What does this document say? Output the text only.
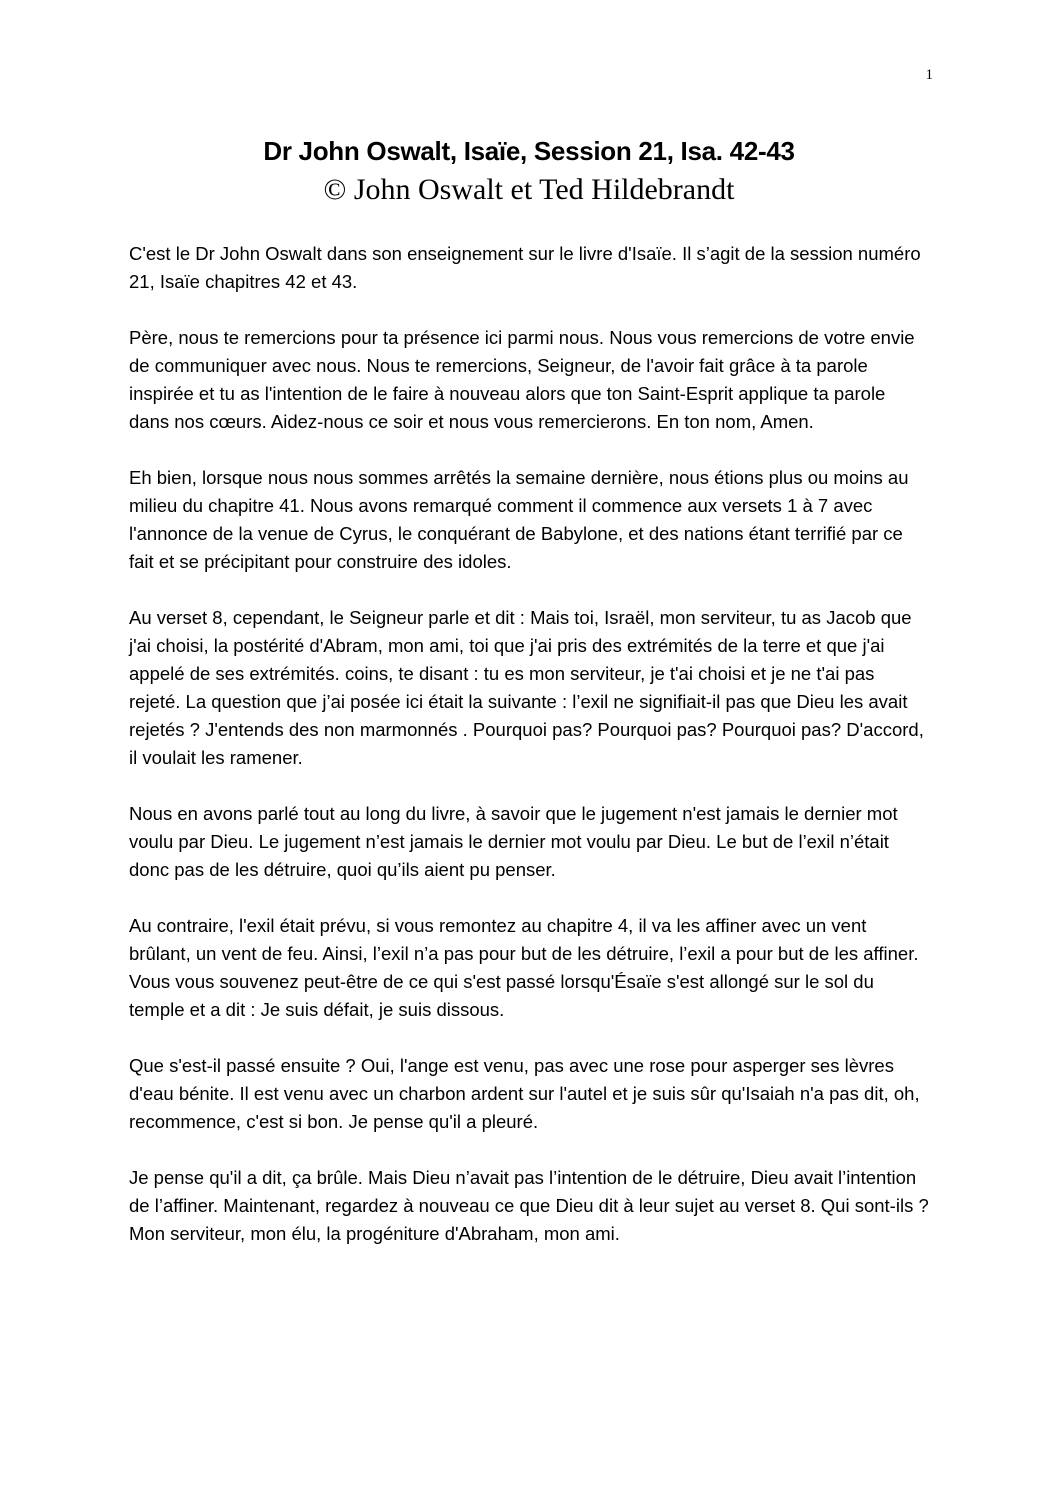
1
Dr John Oswalt, Isaïe, Session 21, Isa. 42-43
© John Oswalt et Ted Hildebrandt

C'est le Dr John Oswalt dans son enseignement sur le livre d'Isaïe. Il s’agit de la session numéro 21, Isaïe chapitres 42 et 43.

Père, nous te remercions pour ta présence ici parmi nous. Nous vous remercions de votre envie de communiquer avec nous. Nous te remercions, Seigneur, de l'avoir fait grâce à ta parole inspirée et tu as l'intention de le faire à nouveau alors que ton Saint-Esprit applique ta parole dans nos cœurs. Aidez-nous ce soir et nous vous remercierons. En ton nom, Amen.

Eh bien, lorsque nous nous sommes arrêtés la semaine dernière, nous étions plus ou moins au milieu du chapitre 41. Nous avons remarqué comment il commence aux versets 1 à 7 avec l'annonce de la venue de Cyrus, le conquérant de Babylone, et des nations étant terrifié par ce fait et se précipitant pour construire des idoles.

Au verset 8, cependant, le Seigneur parle et dit : Mais toi, Israël, mon serviteur, tu as Jacob que j'ai choisi, la postérité d'Abram, mon ami, toi que j'ai pris des extrémités de la terre et que j'ai appelé de ses extrémités. coins, te disant : tu es mon serviteur, je t'ai choisi et je ne t'ai pas rejeté. La question que j’ai posée ici était la suivante : l’exil ne signifiait-il pas que Dieu les avait rejetés ? J'entends des non marmonnés . Pourquoi pas? Pourquoi pas? Pourquoi pas? D'accord, il voulait les ramener.

Nous en avons parlé tout au long du livre, à savoir que le jugement n'est jamais le dernier mot voulu par Dieu. Le jugement n’est jamais le dernier mot voulu par Dieu. Le but de l’exil n’était donc pas de les détruire, quoi qu’ils aient pu penser.

Au contraire, l'exil était prévu, si vous remontez au chapitre 4, il va les affiner avec un vent brûlant, un vent de feu. Ainsi, l’exil n’a pas pour but de les détruire, l’exil a pour but de les affiner. Vous vous souvenez peut-être de ce qui s'est passé lorsqu'Ésaïe s'est allongé sur le sol du temple et a dit : Je suis défait, je suis dissous.

Que s'est-il passé ensuite ? Oui, l'ange est venu, pas avec une rose pour asperger ses lèvres d'eau bénite. Il est venu avec un charbon ardent sur l'autel et je suis sûr qu'Isaiah n'a pas dit, oh, recommence, c'est si bon. Je pense qu'il a pleuré.

Je pense qu'il a dit, ça brûle. Mais Dieu n’avait pas l’intention de le détruire, Dieu avait l’intention de l’affiner. Maintenant, regardez à nouveau ce que Dieu dit à leur sujet au verset 8. Qui sont-ils ? Mon serviteur, mon élu, la progéniture d'Abraham, mon ami.
